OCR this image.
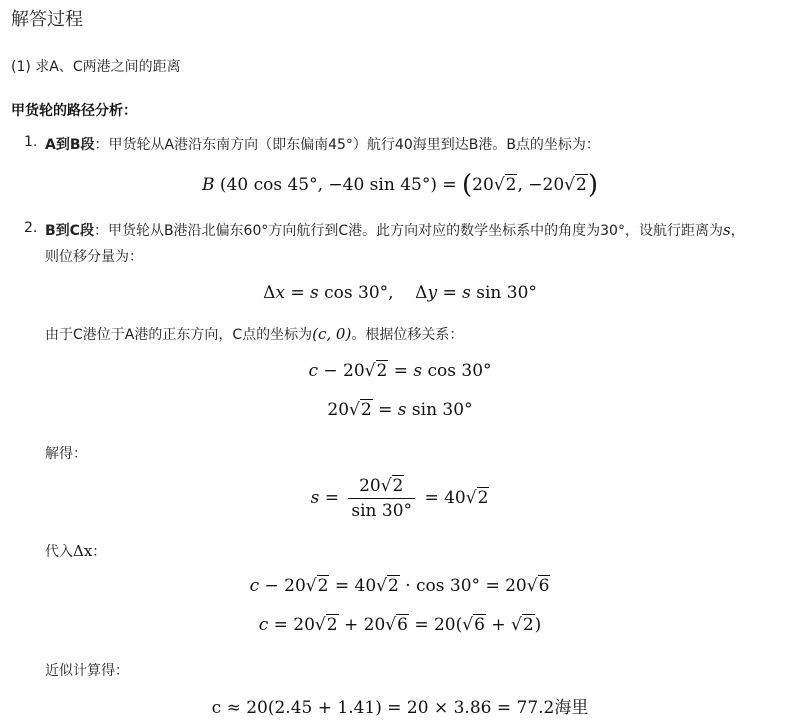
解答过程
(1) 求A、C两港之间的距离
甲货轮的路径分析：
1. A到B段：甲货轮从A港沿东南方向（即东偏南45°）航行40海里到达B港。B点的坐标为：
B (40 cos 45°, −40 sin 45°) = (20√2, −20√2)
2. B到C段：甲货轮从B港沿北偏东60°方向航行到C港。此方向对应的数学坐标系中的角度为30°，设航行距离为s，
则位移分量为：
Δx = s cos 30°,    Δy = s sin 30°
由于C港位于A港的正东方向，C点的坐标为(c, 0)。根据位移关系：
c − 20√2 = s cos 30°
20√2 = s sin 30°
解得：
$s = \frac{20√2}{\sin 30^\circ} = 40√2$
代入Δx：
c − 20√2 = 40√2 · cos 30° = 20√6
c = 20√2 + 20√6 = 20(√6 + √2)
近似计算得：
c ≈ 20(2.45 + 1.41) = 20 × 3.86 = 77.2海里
